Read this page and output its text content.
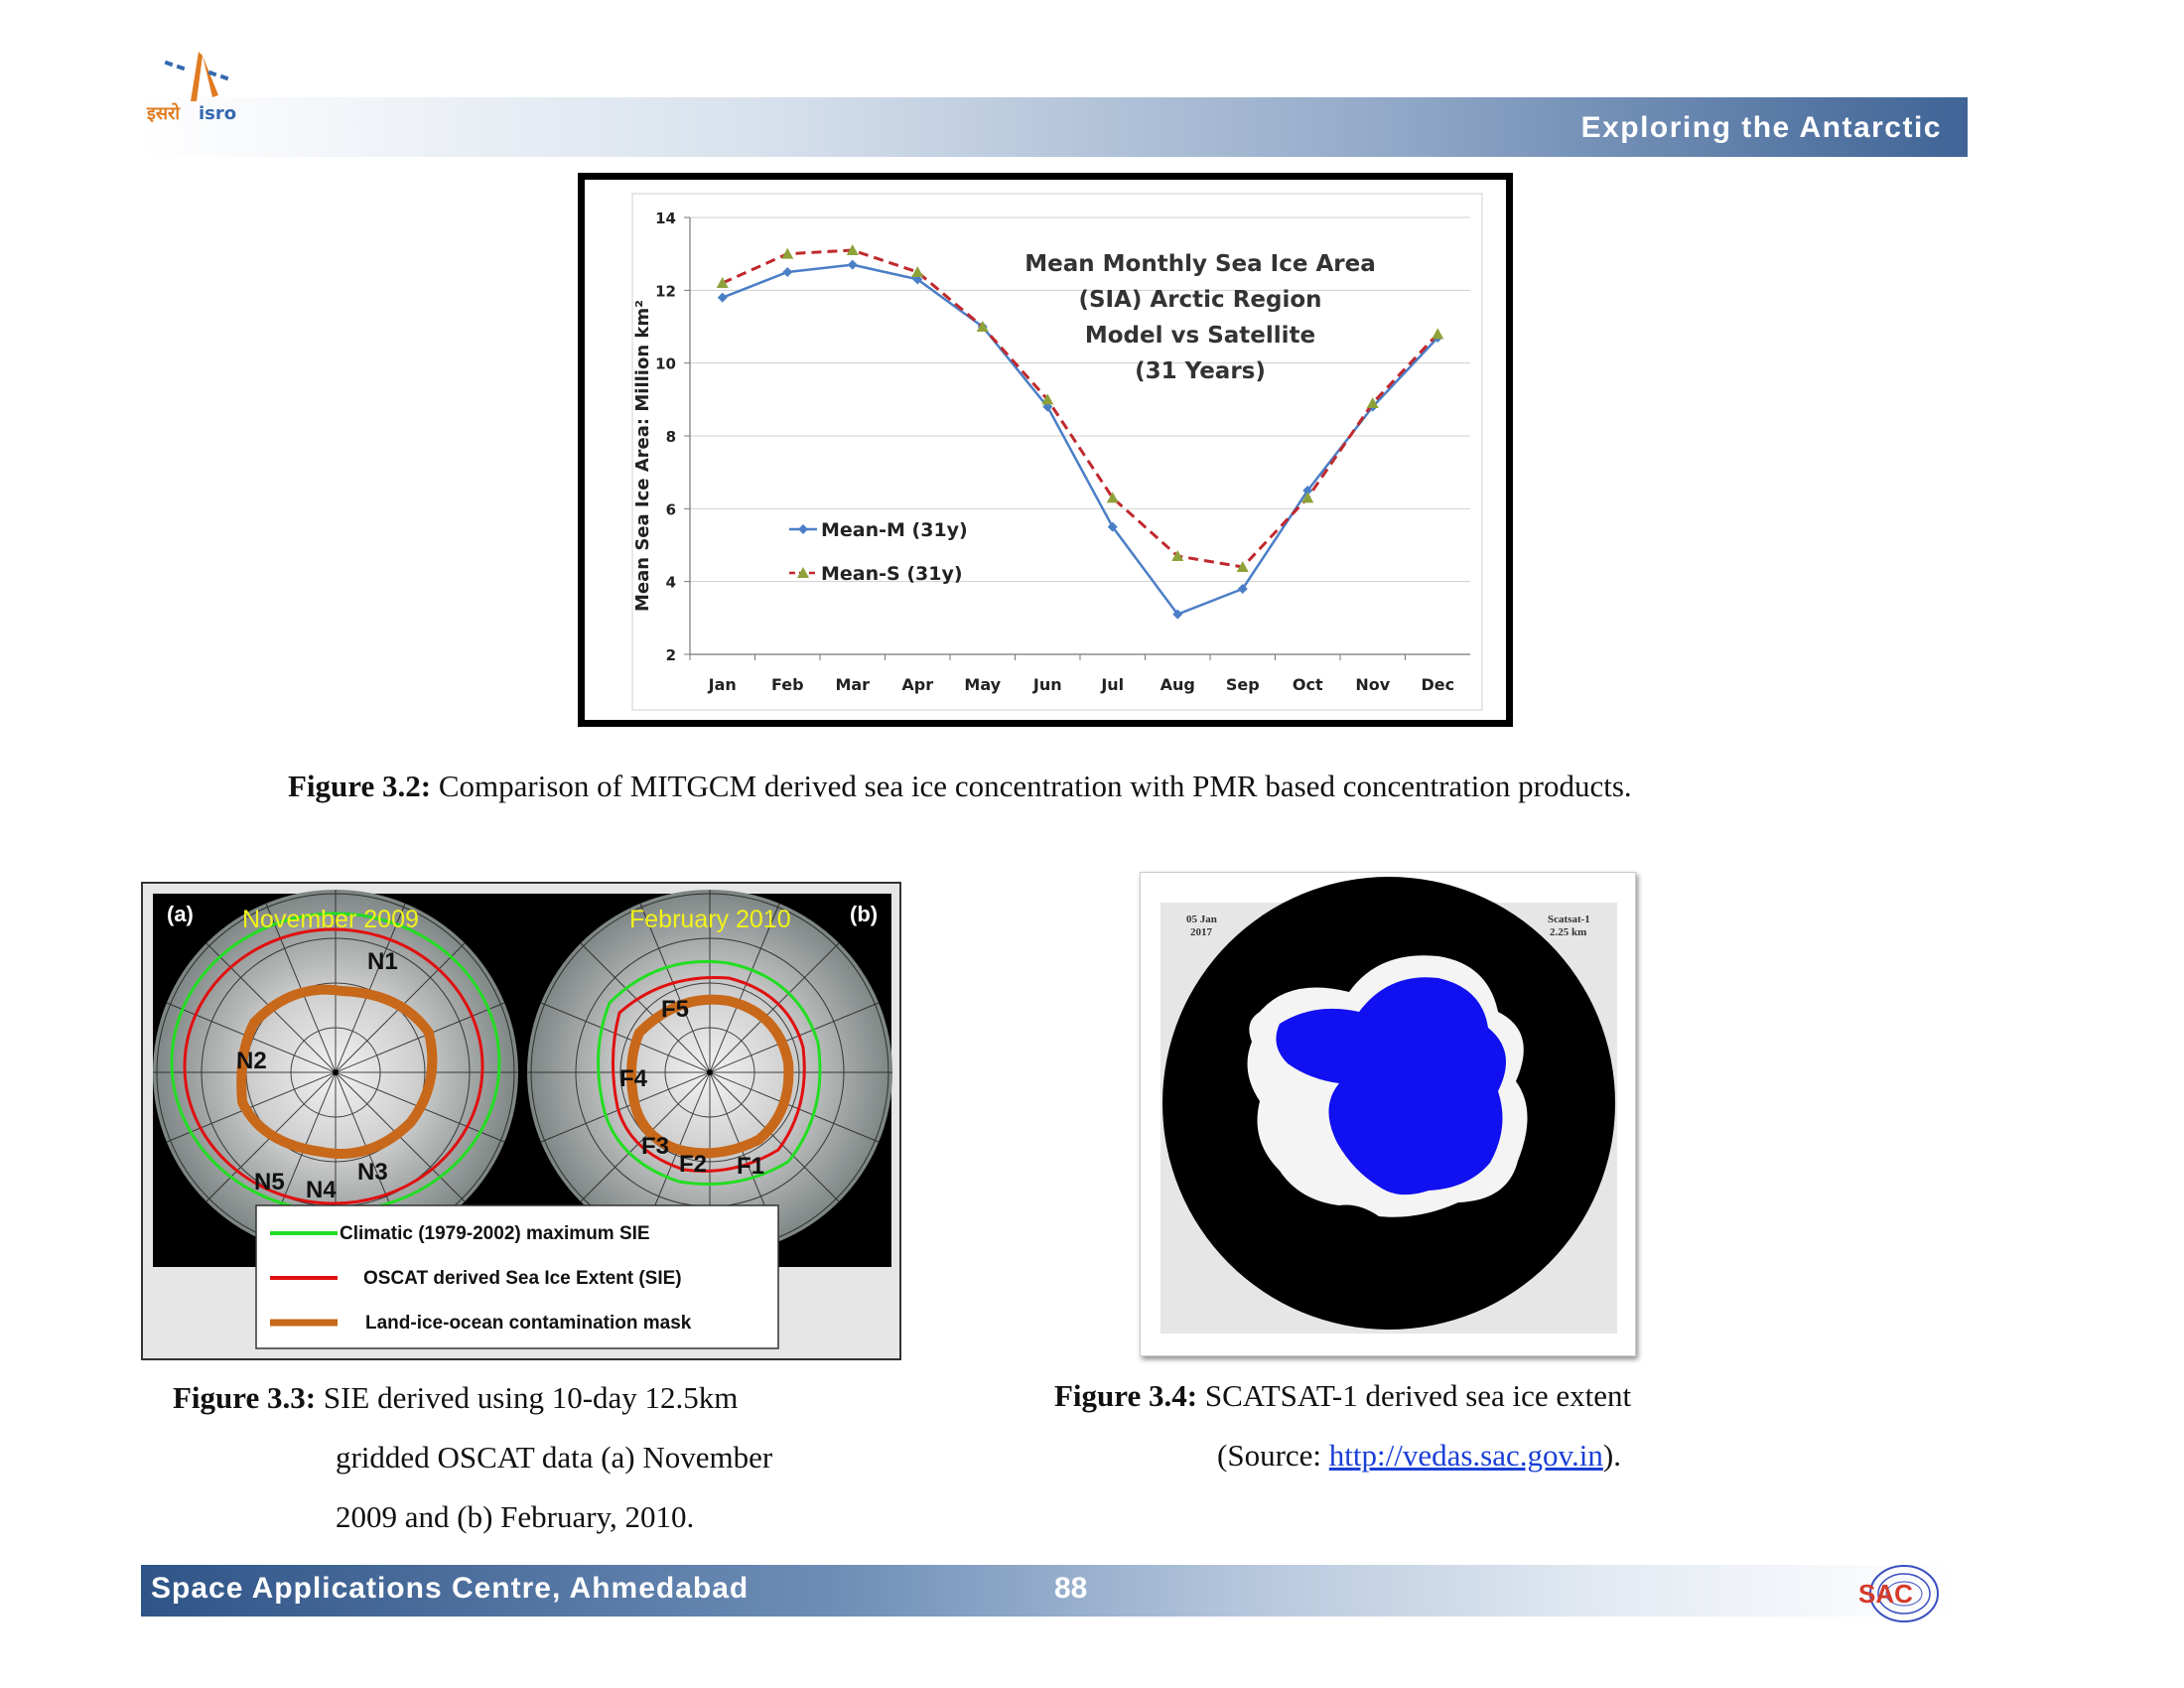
Exploring the Antarctic
इसरो isro
2
4
6
8
10
12
14
Jan Feb Mar Apr May Jun Jul Aug Sep Oct Nov Dec
Mean Sea Ice Area: Million km²
Mean Monthly Sea Ice Area
(SIA) Arctic Region
Model vs Satellite
(31 Years)
Mean-M (31y)
Mean-S (31y)
Figure 3.2: Comparison of MITGCM derived sea ice concentration with PMR based concentration products.
(a)	(b)
November 2009	February 2010
N1
N2
N3
N4
N5
F1
F2
F3
F4
F5
Climatic (1979-2002) maximum SIE
OSCAT derived Sea Ice Extent (SIE)
Land-ice-ocean contamination mask
05 Jan
2017
Scatsat-1
2.25 km
Figure 3.3: SIE derived using 10-day 12.5km
gridded OSCAT data (a) November
2009 and (b) February, 2010.
Figure 3.4: SCATSAT-1 derived sea ice extent
(Source: http://vedas.sac.gov.in).
Space Applications Centre, Ahmedabad	88	SAC
